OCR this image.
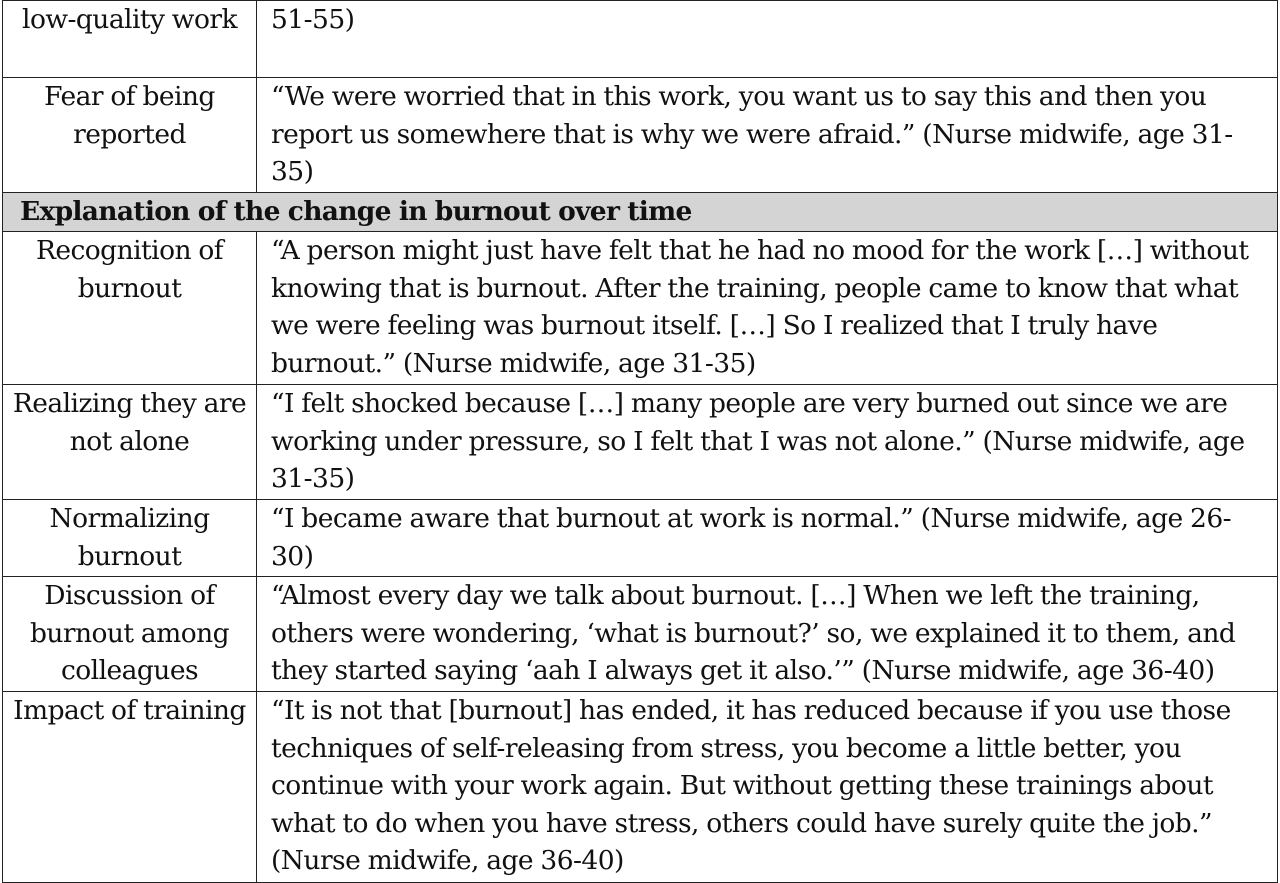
low-quality work	51-55)
Fear of being reported	“We were worried that in this work, you want us to say this and then you report us somewhere that is why we were afraid.” (Nurse midwife, age 31-35)
Explanation of the change in burnout over time	
Recognition of burnout	“A person might just have felt that he had no mood for the work […] without knowing that is burnout. After the training, people came to know that what we were feeling was burnout itself. […] So I realized that I truly have burnout.” (Nurse midwife, age 31-35)
Realizing they are not alone	“I felt shocked because […] many people are very burned out since we are working under pressure, so I felt that I was not alone.” (Nurse midwife, age 31-35)
Normalizing burnout	“I became aware that burnout at work is normal.” (Nurse midwife, age 26-30)
Discussion of burnout among colleagues	“Almost every day we talk about burnout. […] When we left the training, others were wondering, ‘what is burnout?’ so, we explained it to them, and they started saying ‘aah I always get it also.’” (Nurse midwife, age 36-40)
Impact of training	“It is not that [burnout] has ended, it has reduced because if you use those techniques of self-releasing from stress, you become a little better, you continue with your work again. But without getting these trainings about what to do when you have stress, others could have surely quite the job.” (Nurse midwife, age 36-40)
